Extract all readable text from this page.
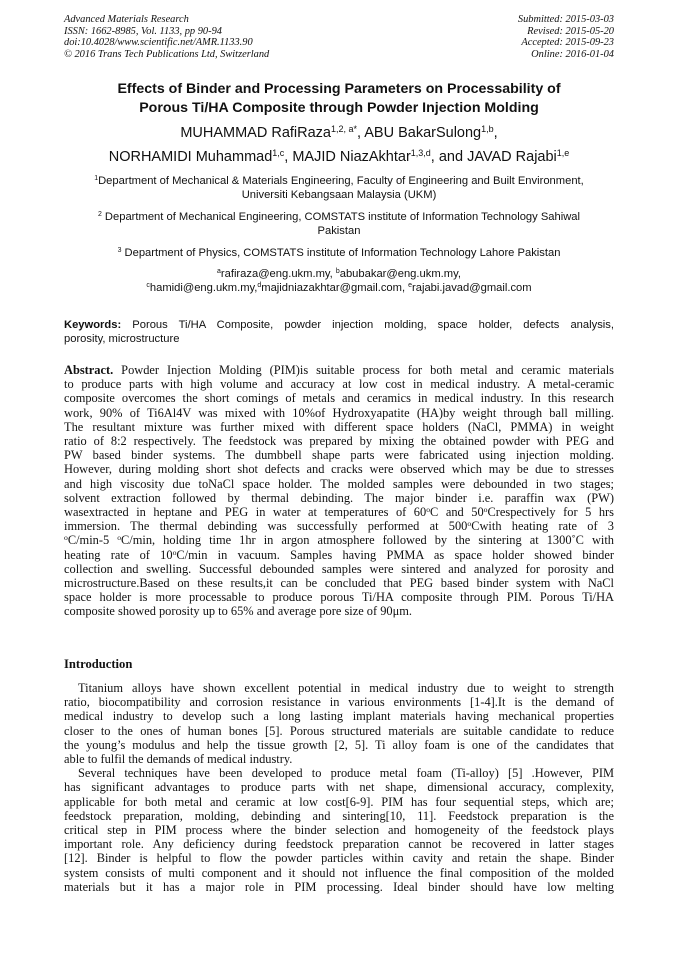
Advanced Materials Research
ISSN: 1662-8985, Vol. 1133, pp 90-94
doi:10.4028/www.scientific.net/AMR.1133.90
© 2016 Trans Tech Publications Ltd, Switzerland
Submitted: 2015-03-03
Revised: 2015-05-20
Accepted: 2015-09-23
Online: 2016-01-04
Effects of Binder and Processing Parameters on Processability of
Porous Ti/HA Composite through Powder Injection Molding
MUHAMMAD RafiRaza$^{1,2, a*}$, ABU BakarSulong$^{1,b}$,
NORHAMIDI Muhammad$^{1,c}$, MAJID NiazAkhtar$^{1,3,d}$, and JAVAD Rajabi$^{1,e}$
$^1$Department of Mechanical & Materials Engineering, Faculty of Engineering and Built Environment,
Universiti Kebangsaan Malaysia (UKM)
$^2$ Department of Mechanical Engineering, COMSTATS institute of Information Technology Sahiwal
Pakistan
$^3$ Department of Physics, COMSTATS institute of Information Technology Lahore Pakistan
$^a$rafiraza@eng.ukm.my, $^b$abubakar@eng.ukm.my,
$^c$hamidi@eng.ukm.my,$^d$majidniazakhtar@gmail.com, $^e$rajabi.javad@gmail.com
Keywords: Porous Ti/HA Composite, powder injection molding, space holder, defects analysis,
porosity, microstructure
Abstract. Powder Injection Molding (PIM)is suitable process for both metal and ceramic materials
to produce parts with high volume and accuracy at low cost in medical industry. A metal-ceramic
composite overcomes the short comings of metals and ceramics in medical industry. In this research
work, 90% of Ti6Al4V was mixed with 10%of Hydroxyapatite (HA)by weight through ball milling.
The resultant mixture was further mixed with different space holders (NaCl, PMMA) in weight
ratio of 8:2 respectively. The feedstock was prepared by mixing the obtained powder with PEG and
PW based binder systems. The dumbbell shape parts were fabricated using injection molding.
However, during molding short shot defects and cracks were observed which may be due to stresses
and high viscosity due toNaCl space holder. The molded samples were debounded in two stages;
solvent extraction followed by thermal debinding. The major binder i.e. paraffin wax (PW)
wasextracted in heptane and PEG in water at temperatures of 60$^o$C and 50$^o$Crespectively for 5 hrs
immersion. The thermal debinding was successfully performed at 500$^o$Cwith heating rate of 3
$^o$C/min-5 $^o$C/min, holding time 1hr in argon atmosphere followed by the sintering at 1300˚C with
heating rate of 10$^o$C/min in vacuum. Samples having PMMA as space holder showed binder
collection and swelling. Successful debounded samples were sintered and analyzed for porosity and
microstructure.Based on these results,it can be concluded that PEG based binder system with NaCl
space holder is more processable to produce porous Ti/HA composite through PIM. Porous Ti/HA
composite showed porosity up to 65% and average pore size of 90μm.
Introduction
Titanium alloys have shown excellent potential in medical industry due to weight to strength
ratio, biocompatibility and corrosion resistance in various environments [1-4].It is the demand of
medical industry to develop such a long lasting implant materials having mechanical properties
closer to the ones of human bones [5]. Porous structured materials are suitable candidate to reduce
the young’s modulus and help the tissue growth [2, 5]. Ti alloy foam is one of the candidates that
able to fulfil the demands of medical industry.
Several techniques have been developed to produce metal foam (Ti-alloy) [5] .However, PIM
has significant advantages to produce parts with net shape, dimensional accuracy, complexity,
applicable for both metal and ceramic at low cost[6-9]. PIM has four sequential steps, which are;
feedstock preparation, molding, debinding and sintering[10, 11]. Feedstock preparation is the
critical step in PIM process where the binder selection and homogeneity of the feedstock plays
important role. Any deficiency during feedstock preparation cannot be recovered in latter stages
[12]. Binder is helpful to flow the powder particles within cavity and retain the shape. Binder
system consists of multi component and it should not influence the final composition of the molded
materials but it has a major role in PIM processing. Ideal binder should have low melting
